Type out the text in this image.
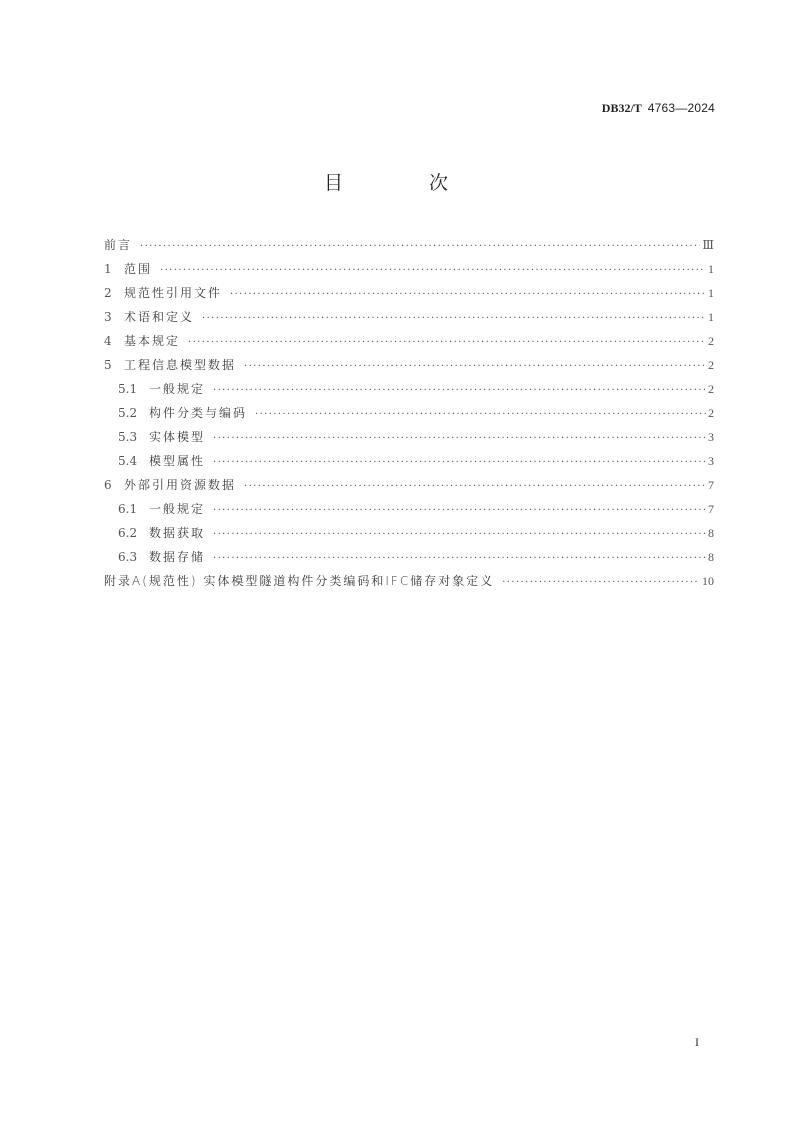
DB32/T 4763—2024
目 次
前言 ·····	Ⅲ
1	范围 ·····	1
2	规范性引用文件 ·····	1
3	术语和定义 ·····	1
4	基本规定 ·····	2
5	工程信息模型数据 ·····	2
5.1 一般规定 ·····	2
5.2 构件分类与编码 ·····	2
5.3 实体模型 ·····	3
5.4 模型属性 ·····	3
6	外部引用资源数据 ·····	7
6.1 一般规定 ·····	7
6.2 数据获取 ·····	8
6.3 数据存储 ·····	8
附录A(规范性) 实体模型隧道构件分类编码和IFC储存对象定义 ·····	10
I
